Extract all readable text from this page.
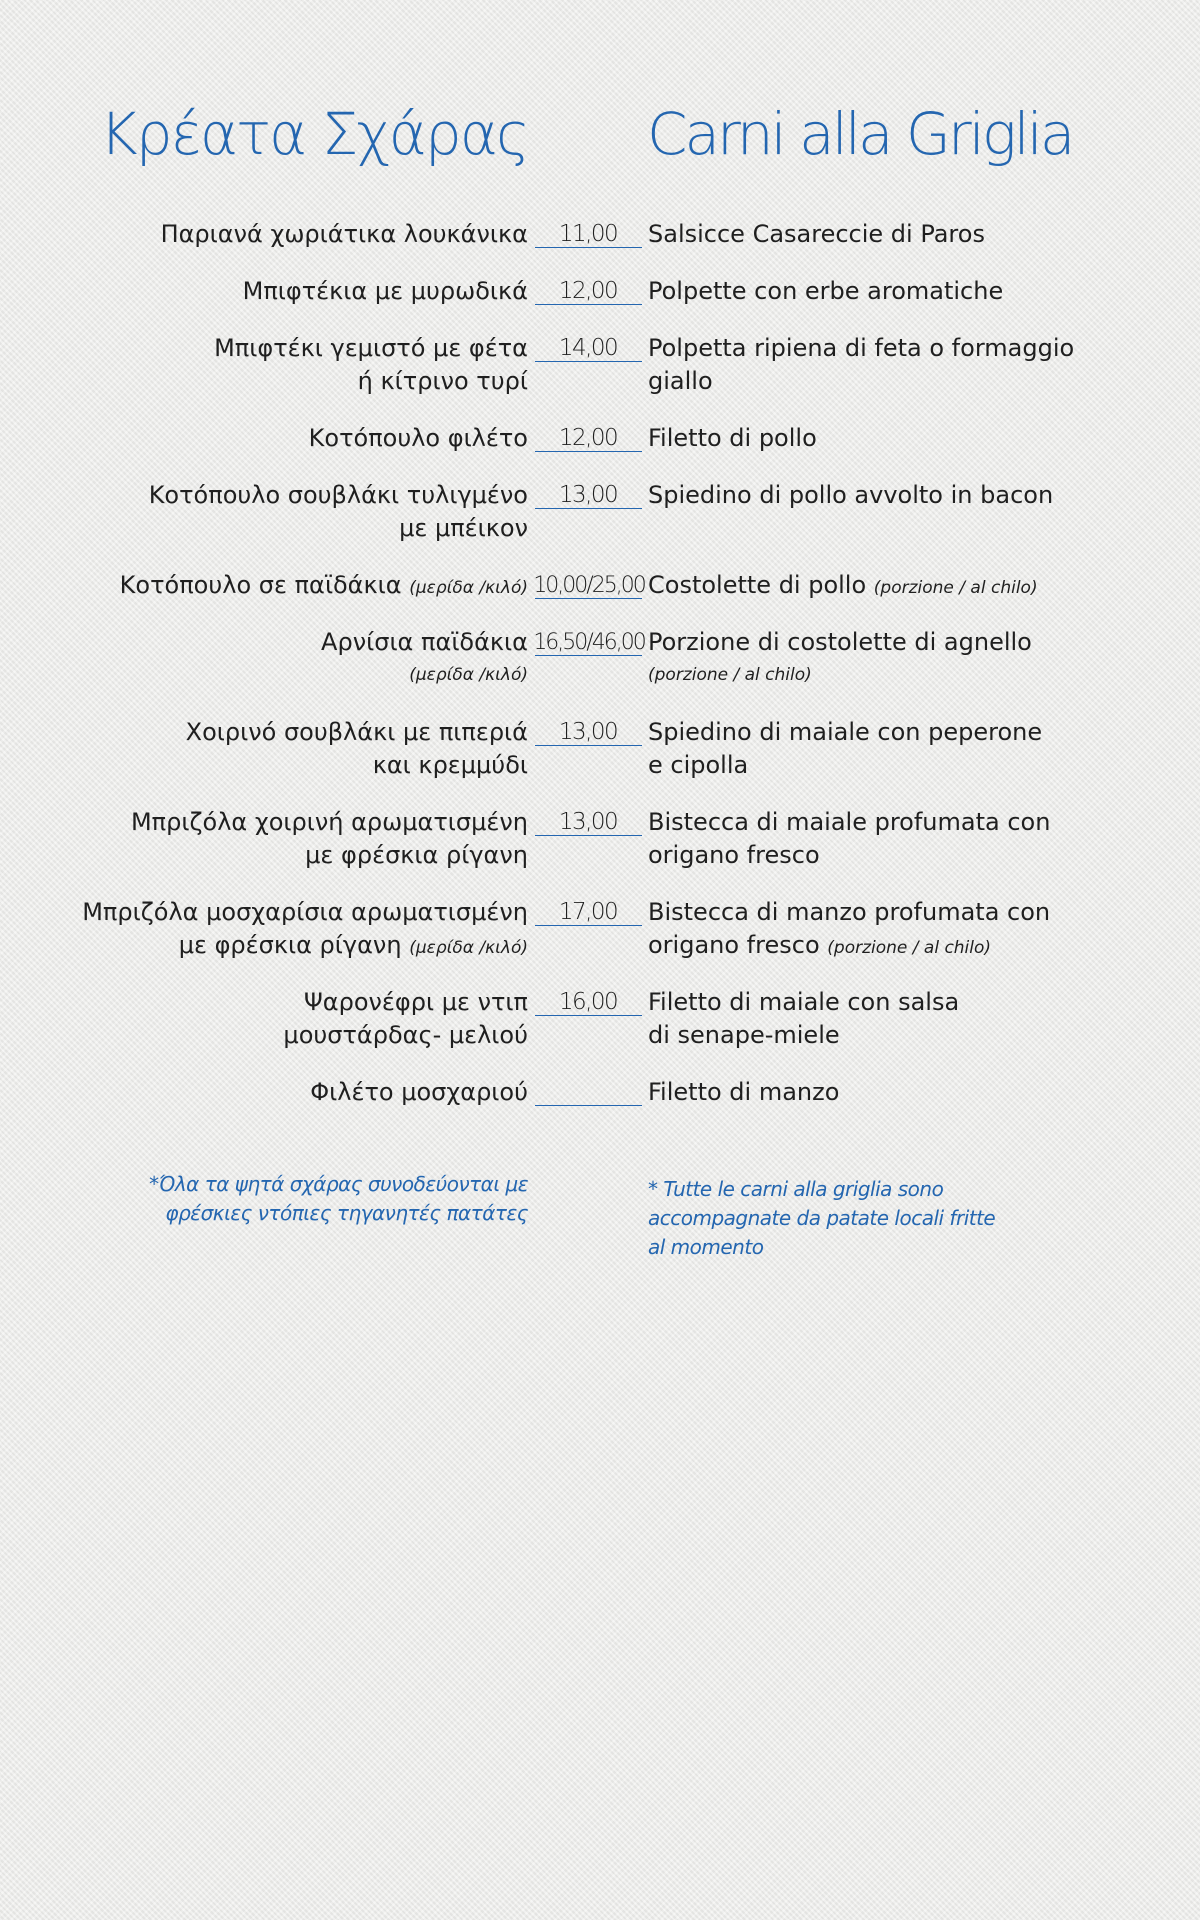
Κρέατα Σχάρας Carni alla Griglia
Παριανά χωριάτικα λουκάνικα	11,00	Salsicce Casareccie di Paros
Μπιφτέκια με μυρωδικά	12,00	Polpette con erbe aromatiche
Μπιφτέκι γεμιστό με φέτα
ή κίτρινο τυρί
14,00	Polpetta ripiena di feta o formaggio
giallo
Κοτόπουλο φιλέτο	12,00	Filetto di pollo
Κοτόπουλο σουβλάκι τυλιγμένο
με μπέικον
13,00	Spiedino di pollo avvolto in bacon
Κοτόπουλο σε παϊδάκια (μερίδα /κιλό) 10,00/25,00 Costolette di pollo (porzione / al chilo)
Αρνίσια παϊδάκια
(μερίδα /κιλό)
16,50/46,00 Porzione di costolette di agnello
(porzione / al chilo)
Χοιρινό σουβλάκι με πιπεριά
και κρεμμύδι
13,00	Spiedino di maiale con peperone
e cipolla
Μπριζόλα χοιρινή αρωματισμένη
με φρέσκια ρίγανη
13,00	Bistecca di maiale profumata con
origano fresco
Μπριζόλα μοσχαρίσια αρωματισμένη
με φρέσκια ρίγανη (μερίδα /κιλό)
17,00	Bistecca di manzo profumata con
origano fresco (porzione / al chilo)
Ψαρονέφρι με ντιπ
μουστάρδας- μελιού
16,00	Filetto di maiale con salsa
di senape-miele
Φιλέτο μοσχαριού	Filetto di manzo
*Όλα τα ψητά σχάρας συνοδεύονται με
φρέσκιες ντόπιες τηγανητές πατάτες
* Tutte le carni alla griglia sono
accompagnate da patate locali fritte
al momento
